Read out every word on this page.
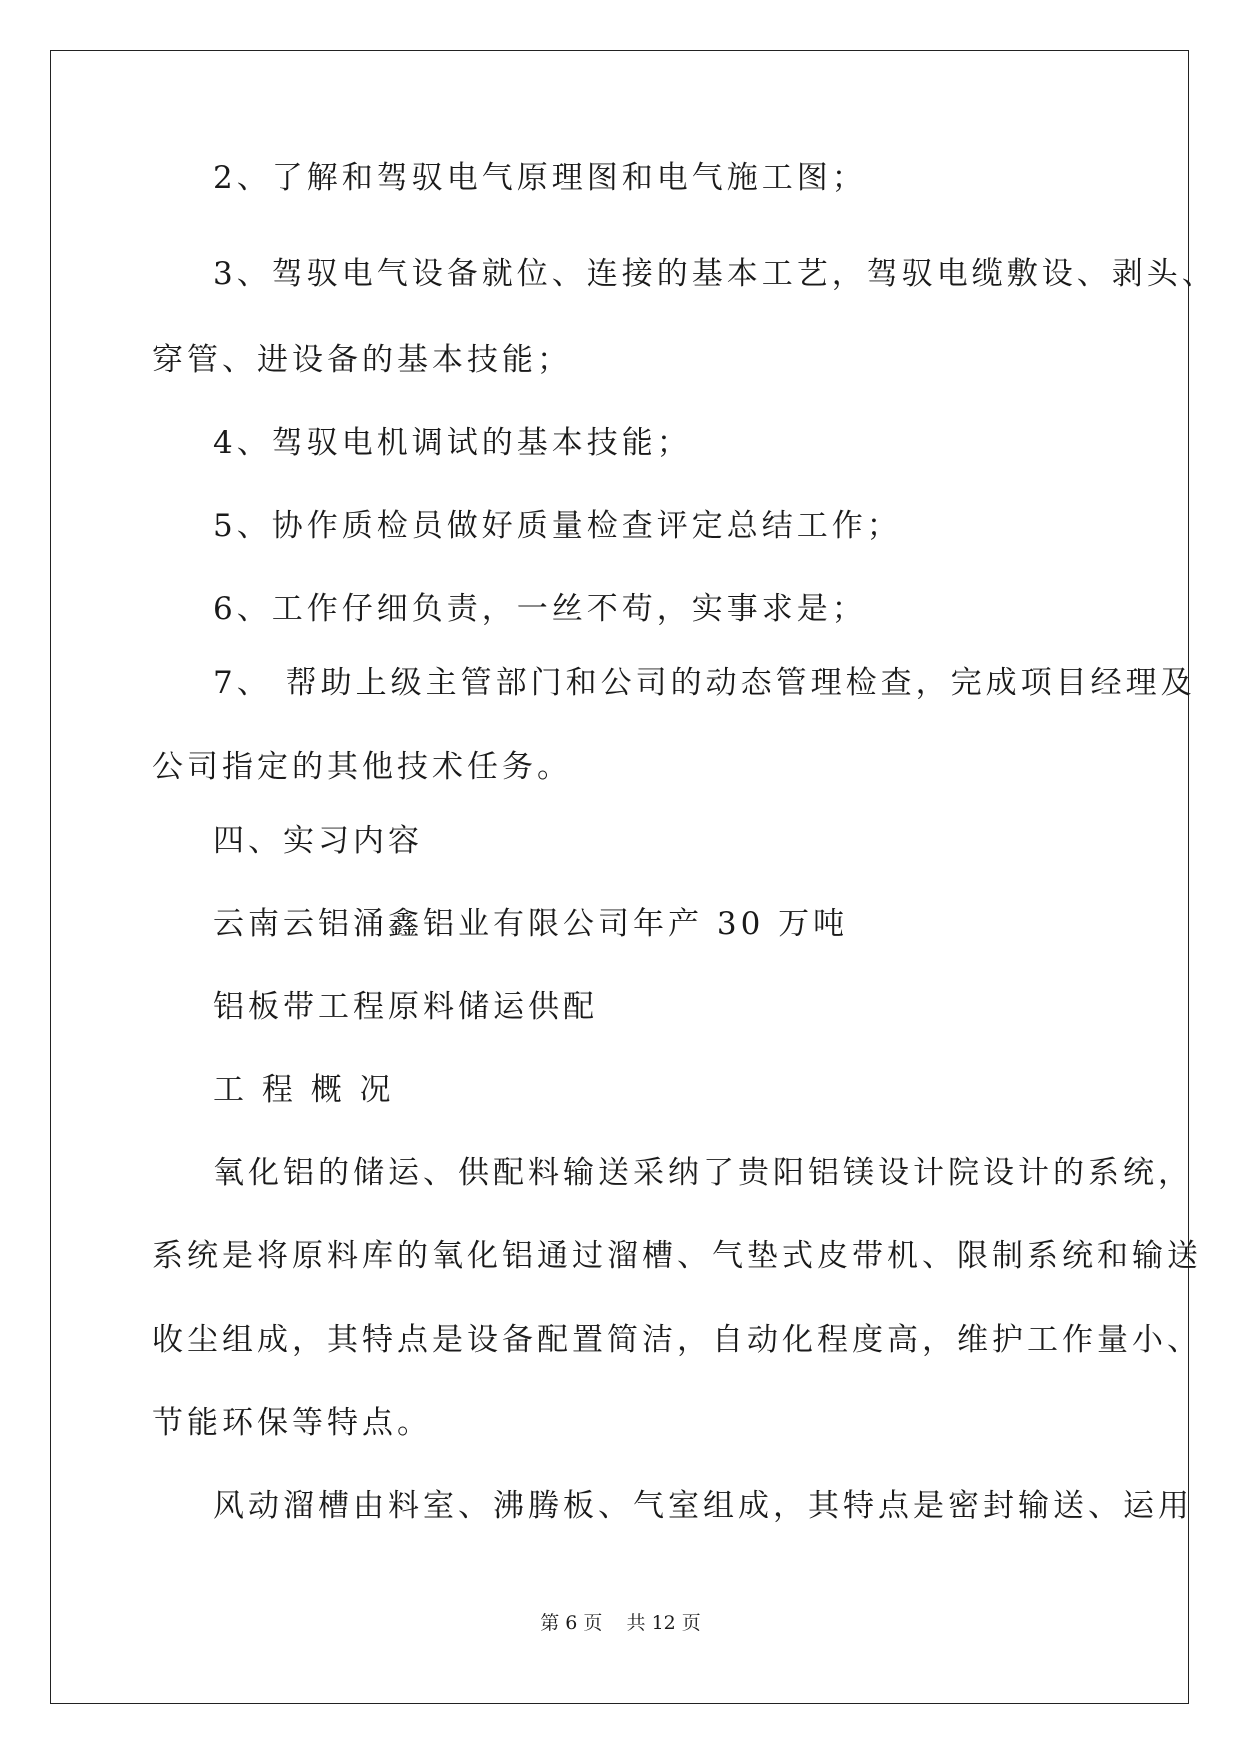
2、了解和驾驭电气原理图和电气施工图；
3、驾驭电气设备就位、连接的基本工艺，驾驭电缆敷设、剥头、
穿管、进设备的基本技能；
4、驾驭电机调试的基本技能；
5、协作质检员做好质量检查评定总结工作；
6、工作仔细负责，一丝不苟，实事求是；
7、 帮助上级主管部门和公司的动态管理检查，完成项目经理及
公司指定的其他技术任务。
四、实习内容
云南云铝涌鑫铝业有限公司年产 30 万吨
铝板带工程原料储运供配
工 程 概 况
氧化铝的储运、供配料输送采纳了贵阳铝镁设计院设计的系统，
系统是将原料库的氧化铝通过溜槽、气垫式皮带机、限制系统和输送
收尘组成，其特点是设备配置简洁，自动化程度高，维护工作量小、
节能环保等特点。
风动溜槽由料室、沸腾板、气室组成，其特点是密封输送、运用
第 6 页    共 12 页
